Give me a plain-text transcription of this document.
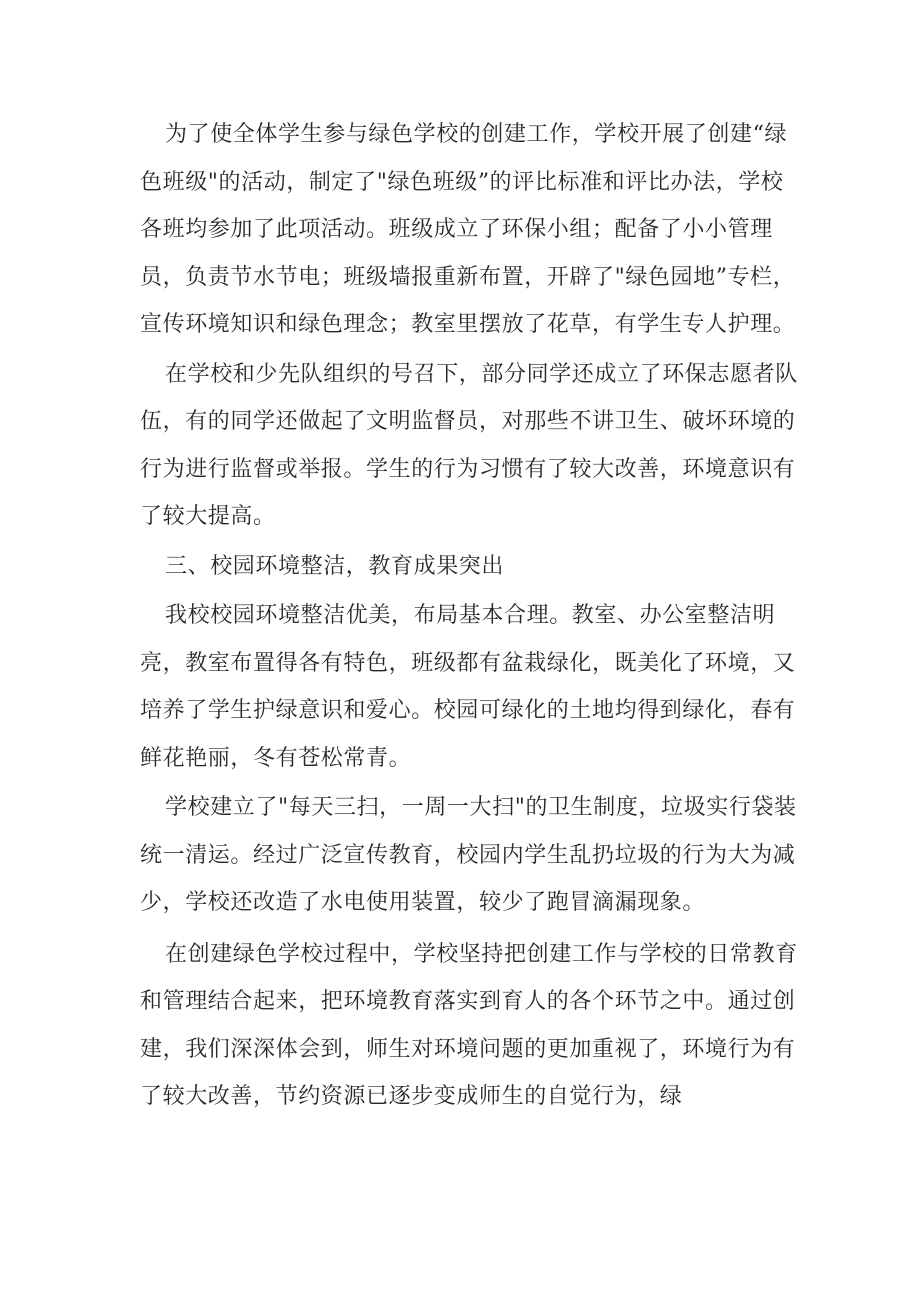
为了使全体学生参与绿色学校的创建工作，学校开展了创建“绿色班级"的活动，制定了"绿色班级”的评比标准和评比办法，学校各班均参加了此项活动。班级成立了环保小组；配备了小小管理员，负责节水节电；班级墙报重新布置，开辟了"绿色园地”专栏，宣传环境知识和绿色理念；教室里摆放了花草，有学生专人护理。

在学校和少先队组织的号召下，部分同学还成立了环保志愿者队伍，有的同学还做起了文明监督员，对那些不讲卫生、破坏环境的行为进行监督或举报。学生的行为习惯有了较大改善，环境意识有了较大提高。

三、校园环境整洁，教育成果突出

我校校园环境整洁优美，布局基本合理。教室、办公室整洁明亮，教室布置得各有特色，班级都有盆栽绿化，既美化了环境，又培养了学生护绿意识和爱心。校园可绿化的土地均得到绿化，春有鲜花艳丽，冬有苍松常青。

学校建立了"每天三扫，一周一大扫"的卫生制度，垃圾实行袋装统一清运。经过广泛宣传教育，校园内学生乱扔垃圾的行为大为减少，学校还改造了水电使用装置，较少了跑冒滴漏现象。

在创建绿色学校过程中，学校坚持把创建工作与学校的日常教育和管理结合起来，把环境教育落实到育人的各个环节之中。通过创建，我们深深体会到，师生对环境问题的更加重视了，环境行为有了较大改善，节约资源已逐步变成师生的自觉行为，绿
